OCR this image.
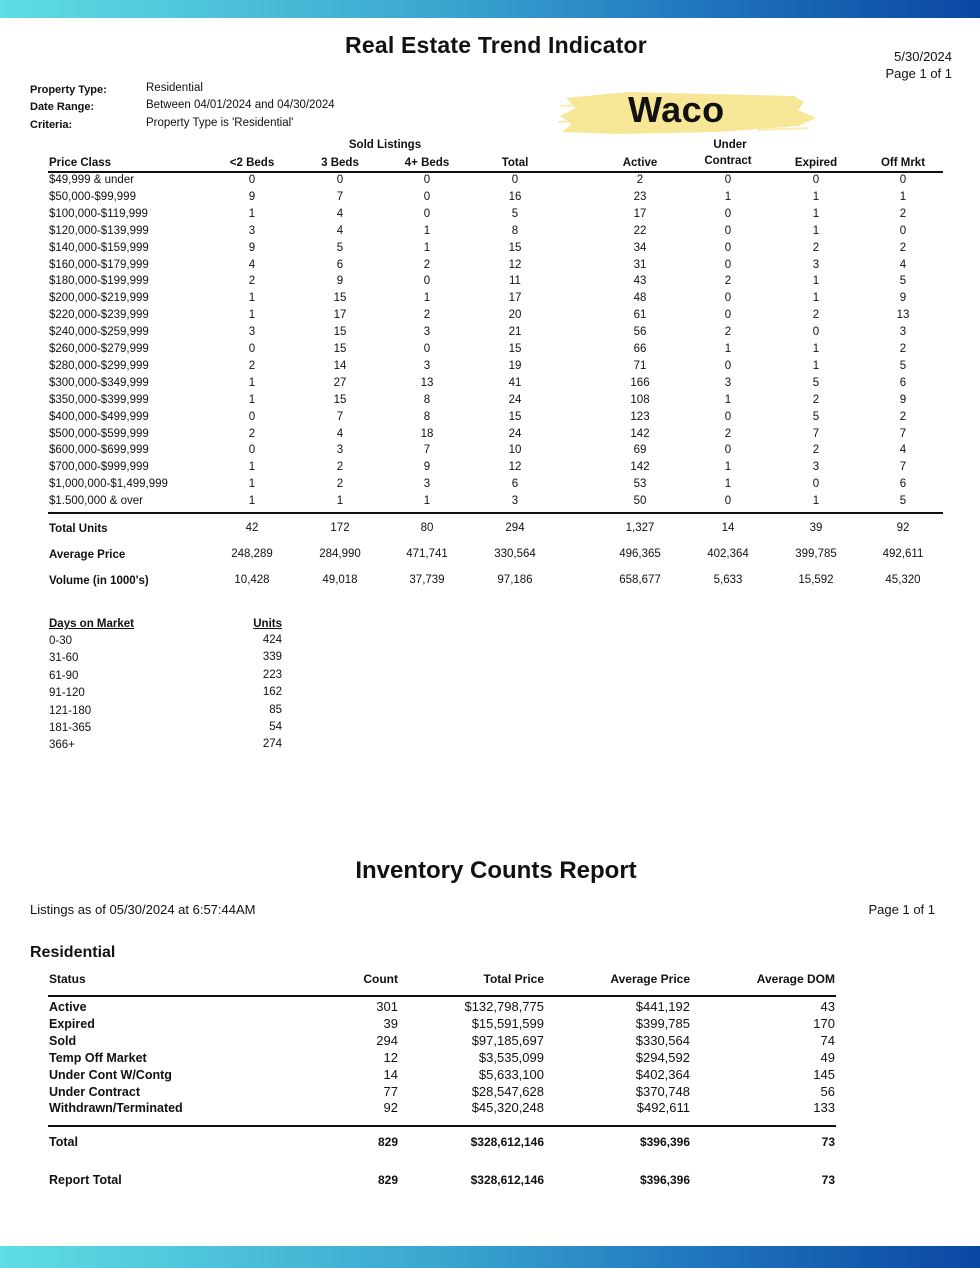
Real Estate Trend Indicator	5/30/2024
Page 1 of 1
Property Type:	Residential
Date Range:	Between 04/01/2024 and 04/30/2024
Criteria:	Property Type is 'Residential'	Waco
Sold Listings	Under
Price Class	<2 Beds	3 Beds	4+ Beds	Total	Active	Contract	Expired	Off Mrkt
$49,999 & under	0	0	0	0	2	0	0	0
$50,000-$99,999	9	7	0	16	23	1	1	1
$100,000-$119,999	1	4	0	5	17	0	1	2
$120,000-$139,999	3	4	1	8	22	0	1	0
$140,000-$159,999	9	5	1	15	34	0	2	2
$160,000-$179,999	4	6	2	12	31	0	3	4
$180,000-$199,999	2	9	0	11	43	2	1	5
$200,000-$219,999	1	15	1	17	48	0	1	9
$220,000-$239,999	1	17	2	20	61	0	2	13
$240,000-$259,999	3	15	3	21	56	2	0	3
$260,000-$279,999	0	15	0	15	66	1	1	2
$280,000-$299,999	2	14	3	19	71	0	1	5
$300,000-$349,999	1	27	13	41	166	3	5	6
$350,000-$399,999	1	15	8	24	108	1	2	9
$400,000-$499,999	0	7	8	15	123	0	5	2
$500,000-$599,999	2	4	18	24	142	2	7	7
$600,000-$699,999	0	3	7	10	69	0	2	4
$700,000-$999,999	1	2	9	12	142	1	3	7
$1,000,000-$1,499,999	1	2	3	6	53	1	0	6
$1.500,000 & over	1	1	1	3	50	0	1	5
Total Units	42	172	80	294	1,327	14	39	92
Average Price	248,289	284,990	471,741	330,564	496,365	402,364	399,785	492,611
Volume (in 1000's)	10,428	49,018	37,739	97,186	658,677	5,633	15,592	45,320
Days on Market	Units
0-30	424
31-60	339
61-90	223
91-120	162
121-180	85
181-365	54
366+	274
Inventory Counts Report
Listings as of 05/30/2024 at 6:57:44AM	Page 1 of 1
Residential
Status	Count	Total Price	Average Price	Average DOM
Active	301	$132,798,775	$441,192	43
Expired	39	$15,591,599	$399,785	170
Sold	294	$97,185,697	$330,564	74
Temp Off Market	12	$3,535,099	$294,592	49
Under Cont W/Contg	14	$5,633,100	$402,364	145
Under Contract	77	$28,547,628	$370,748	56
Withdrawn/Terminated	92	$45,320,248	$492,611	133
Total	829	$328,612,146	$396,396	73
Report Total	829	$328,612,146	$396,396	73
